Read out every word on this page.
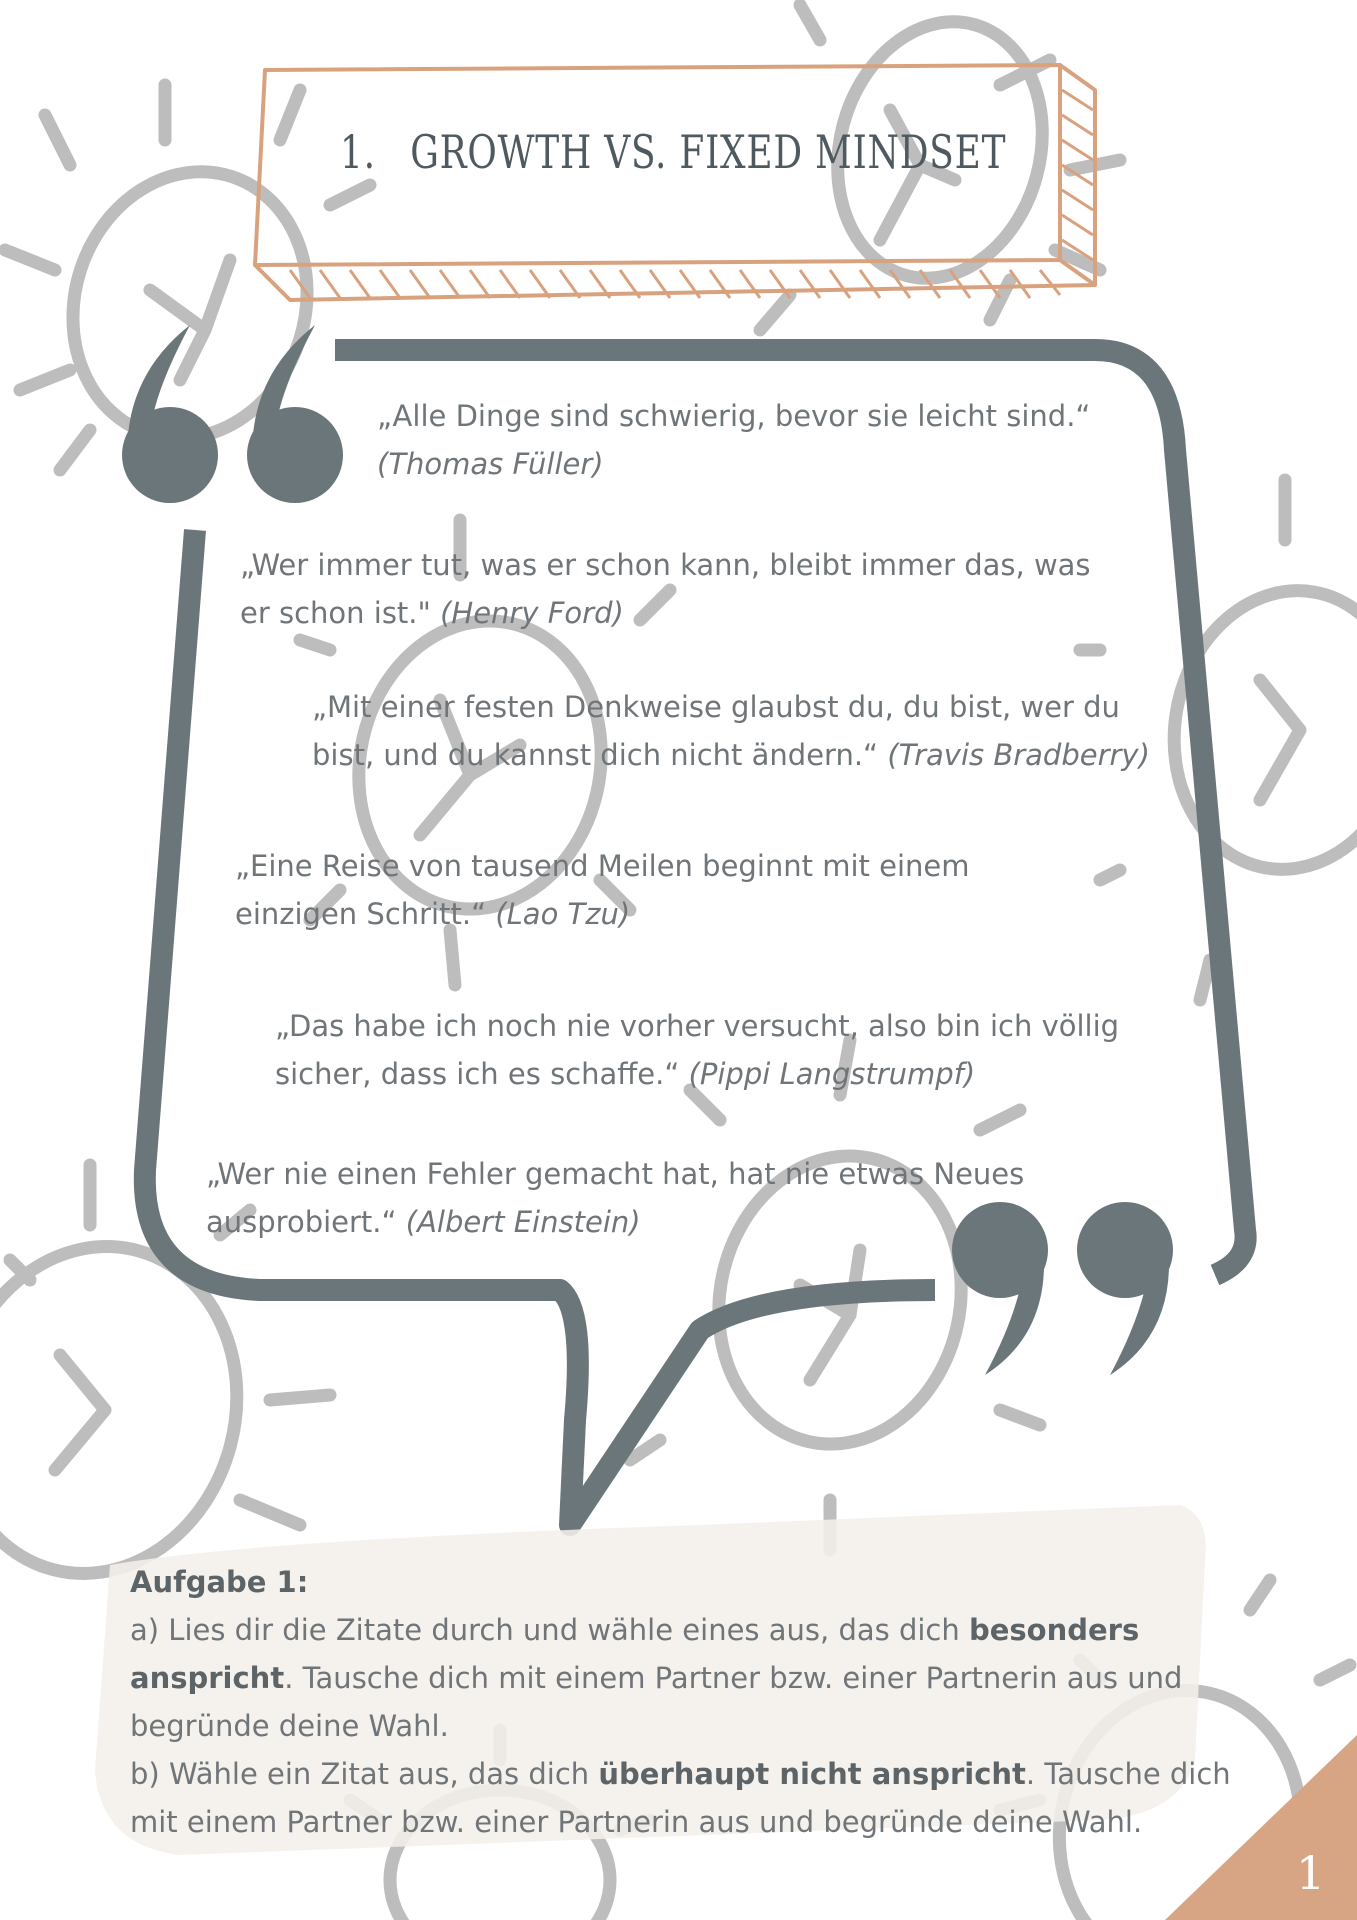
1. GROWTH VS. FIXED MINDSET
„Alle Dinge sind schwierig, bevor sie leicht sind.“
(Thomas Füller)
„Wer immer tut, was er schon kann, bleibt immer das, was
er schon ist." (Henry Ford)
„Mit einer festen Denkweise glaubst du, du bist, wer du
bist, und du kannst dich nicht ändern.“ (Travis Bradberry)
„Eine Reise von tausend Meilen beginnt mit einem
einzigen Schritt.“ (Lao Tzu)
„Das habe ich noch nie vorher versucht, also bin ich völlig
sicher, dass ich es schaffe.“ (Pippi Langstrumpf)
„Wer nie einen Fehler gemacht hat, hat nie etwas Neues
ausprobiert.“ (Albert Einstein)
Aufgabe 1:
a) Lies dir die Zitate durch und wähle eines aus, das dich besonders anspricht. Tausche dich mit einem Partner bzw. einer Partnerin aus und begründe deine Wahl.
b) Wähle ein Zitat aus, das dich überhaupt nicht anspricht. Tausche dich mit einem Partner bzw. einer Partnerin aus und begründe deine Wahl.
1
